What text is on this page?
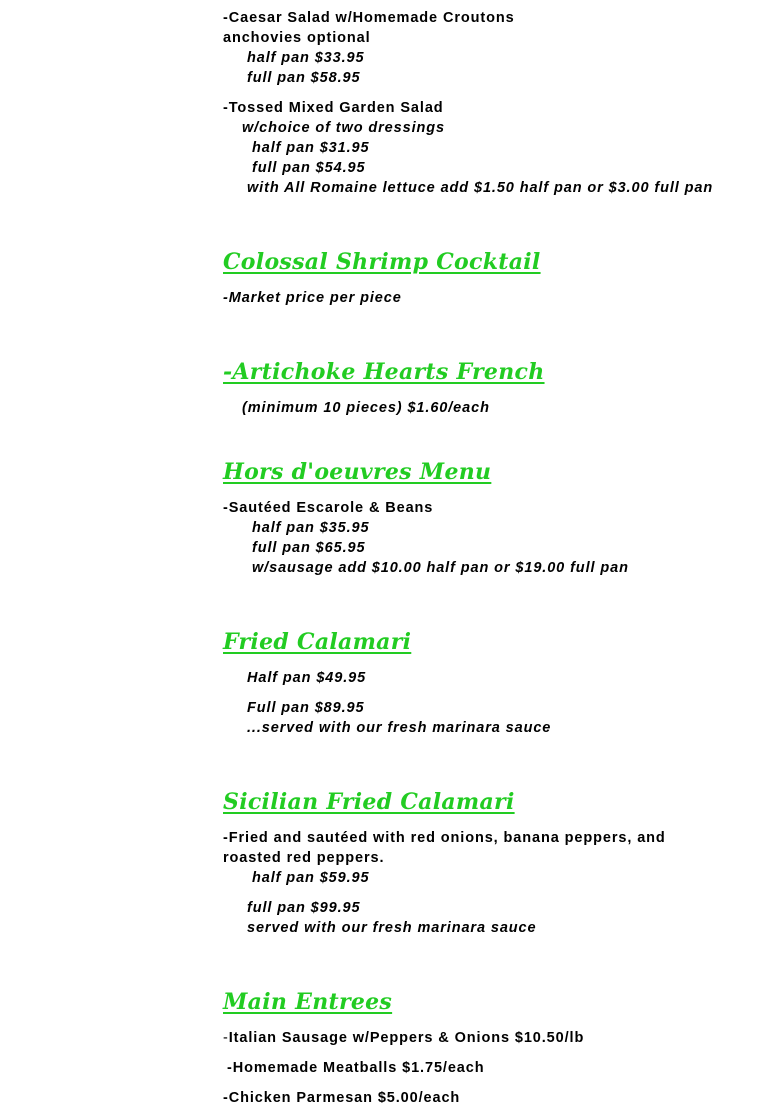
-Caesar Salad w/Homemade Croutons
anchovies optional
half pan $33.95
full pan $58.95
-Tossed Mixed Garden Salad
w/choice of two dressings
half pan $31.95
full pan $54.95
with All Romaine lettuce add $1.50 half pan or $3.00 full pan
Colossal Shrimp Cocktail
-Market price per piece
-Artichoke Hearts French
(minimum 10 pieces) $1.60/each
Hors d'oeuvres Menu
-Sautéed Escarole & Beans
half pan $35.95
full pan $65.95
w/sausage add $10.00 half pan or $19.00 full pan
Fried Calamari
Half pan $49.95
Full pan $89.95
...served with our fresh marinara sauce
Sicilian Fried Calamari
-Fried and sautéed with red onions, banana peppers, and roasted red peppers.
half pan $59.95
full pan $99.95
served with our fresh marinara sauce
Main Entrees
-Italian Sausage w/Peppers & Onions $10.50/lb
-Homemade Meatballs $1.75/each
-Chicken Parmesan $5.00/each
